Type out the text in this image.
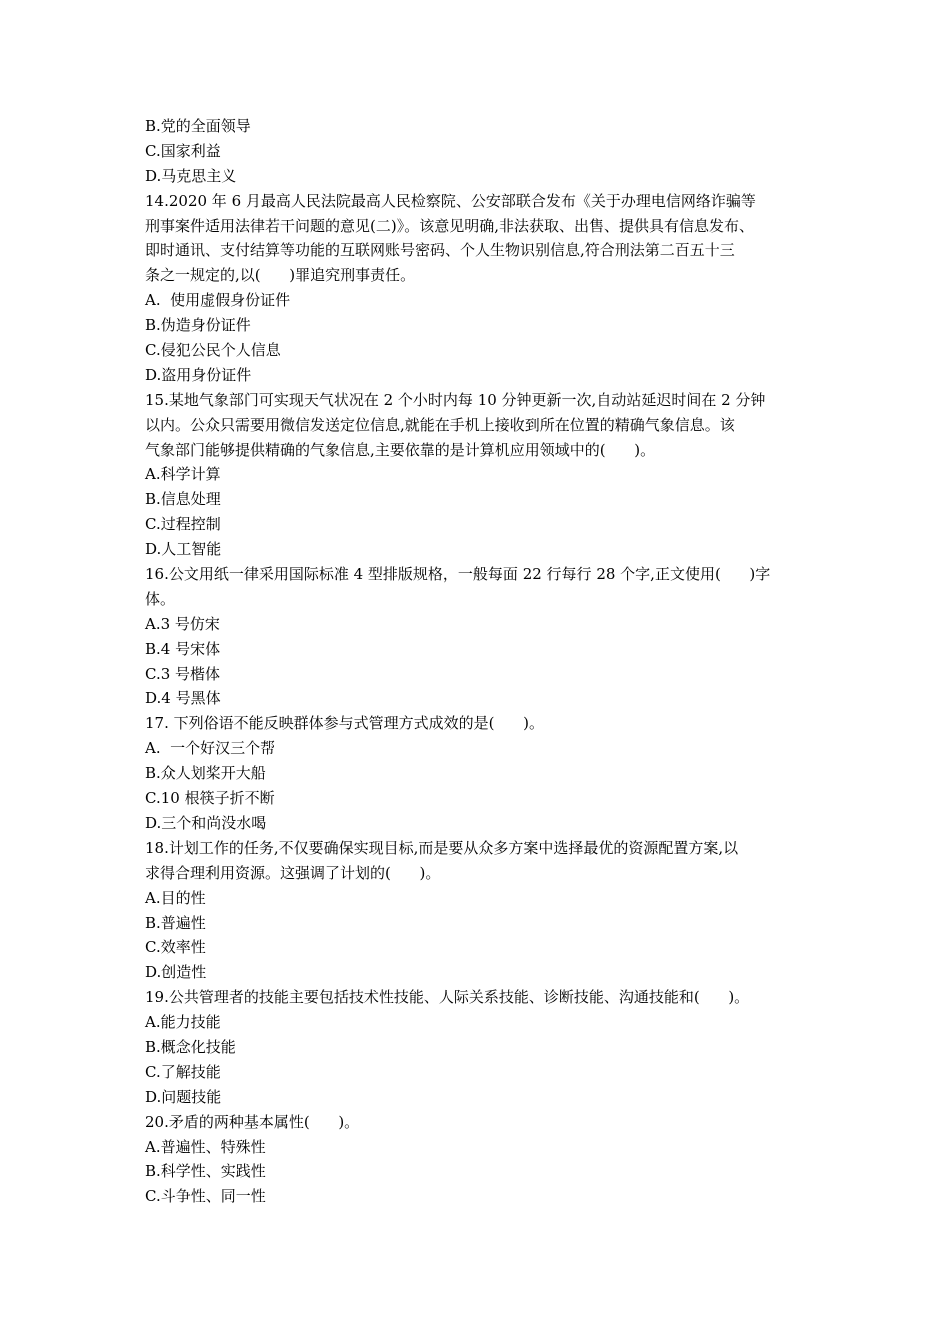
B.党的全面领导
C.国家利益
D.马克思主义
14.2020 年 6 月最高人民法院最高人民检察院、公安部联合发布《关于办理电信网络诈骗等
刑事案件适用法律若干问题的意见(二)》。该意见明确,非法获取、出售、提供具有信息发布、
即时通讯、支付结算等功能的互联网账号密码、个人生物识别信息,符合刑法第二百五十三
条之一规定的,以(      )罪追究刑事责任。
A.  使用虚假身份证件
B.伪造身份证件
C.侵犯公民个人信息
D.盗用身份证件
15.某地气象部门可实现天气状况在 2 个小时内每 10 分钟更新一次,自动站延迟时间在 2 分钟
以内。公众只需要用微信发送定位信息,就能在手机上接收到所在位置的精确气象信息。该
气象部门能够提供精确的气象信息,主要依靠的是计算机应用领域中的(      )。
A.科学计算
B.信息处理
C.过程控制
D.人工智能
16.公文用纸一律采用国际标准 4 型排版规格，一般每面 22 行每行 28 个字,正文使用(      )字
体。
A.3 号仿宋
B.4 号宋体
C.3 号楷体
D.4 号黑体
17. 下列俗语不能反映群体参与式管理方式成效的是(      )。
A.  一个好汉三个帮
B.众人划桨开大船
C.10 根筷子折不断
D.三个和尚没水喝
18.计划工作的任务,不仅要确保实现目标,而是要从众多方案中选择最优的资源配置方案,以
求得合理利用资源。这强调了计划的(      )。
A.目的性
B.普遍性
C.效率性
D.创造性
19.公共管理者的技能主要包括技术性技能、人际关系技能、诊断技能、沟通技能和(      )。
A.能力技能
B.概念化技能
C.了解技能
D.问题技能
20.矛盾的两种基本属性(      )。
A.普遍性、特殊性
B.科学性、实践性
C.斗争性、同一性
